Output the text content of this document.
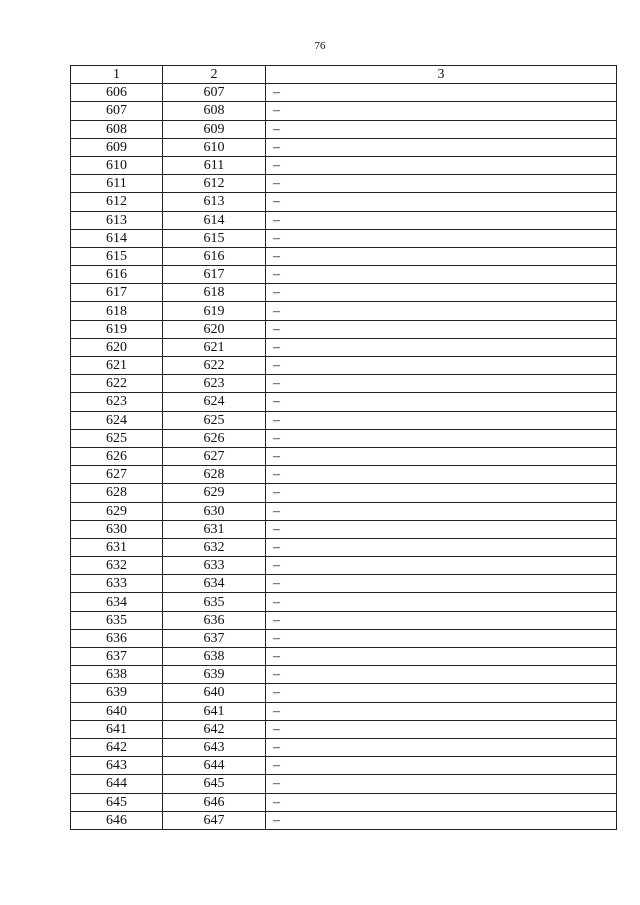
76
1	2	3
606	607	–
607	608	–
608	609	–
609	610	–
610	611	–
611	612	–
612	613	–
613	614	–
614	615	–
615	616	–
616	617	–
617	618	–
618	619	–
619	620	–
620	621	–
621	622	–
622	623	–
623	624	–
624	625	–
625	626	–
626	627	–
627	628	–
628	629	–
629	630	–
630	631	–
631	632	–
632	633	–
633	634	–
634	635	–
635	636	–
636	637	–
637	638	–
638	639	–
639	640	–
640	641	–
641	642	–
642	643	–
643	644	–
644	645	–
645	646	–
646	647	–
